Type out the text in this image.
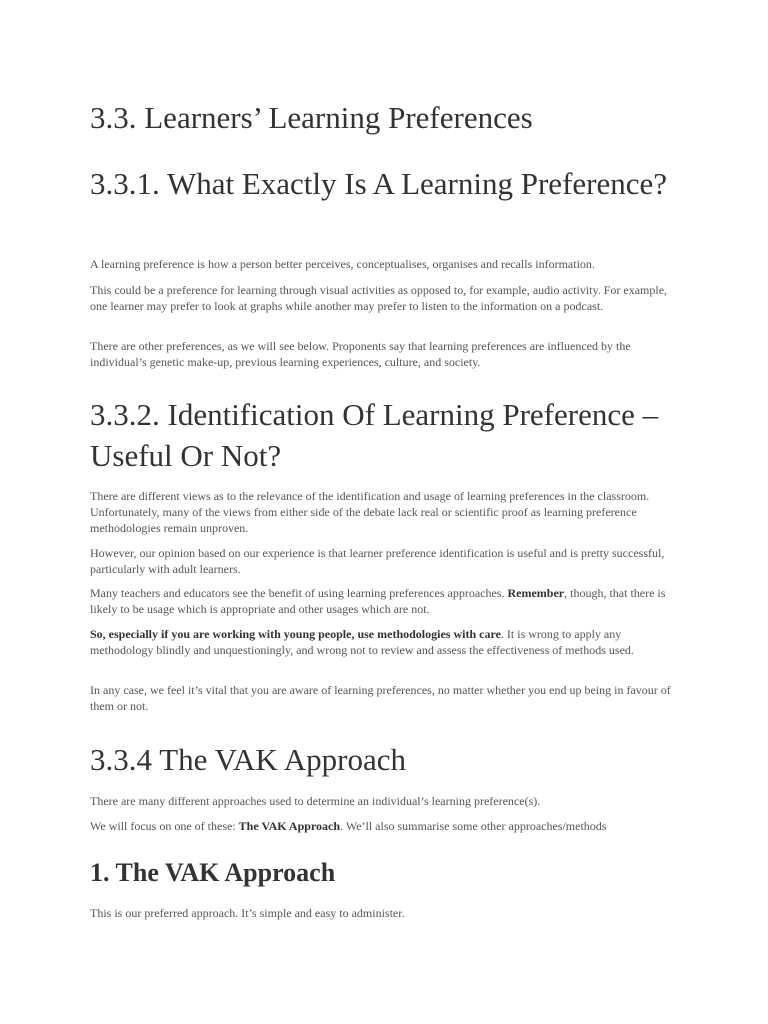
3.3. Learners’ Learning Preferences
3.3.1. What Exactly Is A Learning Preference?

A learning preference is how a person better perceives, conceptualises, organises and recalls information.

This could be a preference for learning through visual activities as opposed to, for example, audio activity. For example, one learner may prefer to look at graphs while another may prefer to listen to the information on a podcast.

There are other preferences, as we will see below. Proponents say that learning preferences are influenced by the individual’s genetic make-up, previous learning experiences, culture, and society.

3.3.2. Identification Of Learning Preference – Useful Or Not?

There are different views as to the relevance of the identification and usage of learning preferences in the classroom. Unfortunately, many of the views from either side of the debate lack real or scientific proof as learning preference methodologies remain unproven.

However, our opinion based on our experience is that learner preference identification is useful and is pretty successful, particularly with adult learners.

Many teachers and educators see the benefit of using learning preferences approaches. Remember, though, that there is likely to be usage which is appropriate and other usages which are not.

So, especially if you are working with young people, use methodologies with care. It is wrong to apply any methodology blindly and unquestioningly, and wrong not to review and assess the effectiveness of methods used.

In any case, we feel it’s vital that you are aware of learning preferences, no matter whether you end up being in favour of them or not.

3.3.4 The VAK Approach

There are many different approaches used to determine an individual’s learning preference(s).

We will focus on one of these: The VAK Approach. We’ll also summarise some other approaches/methods

1. The VAK Approach

This is our preferred approach. It’s simple and easy to administer.
